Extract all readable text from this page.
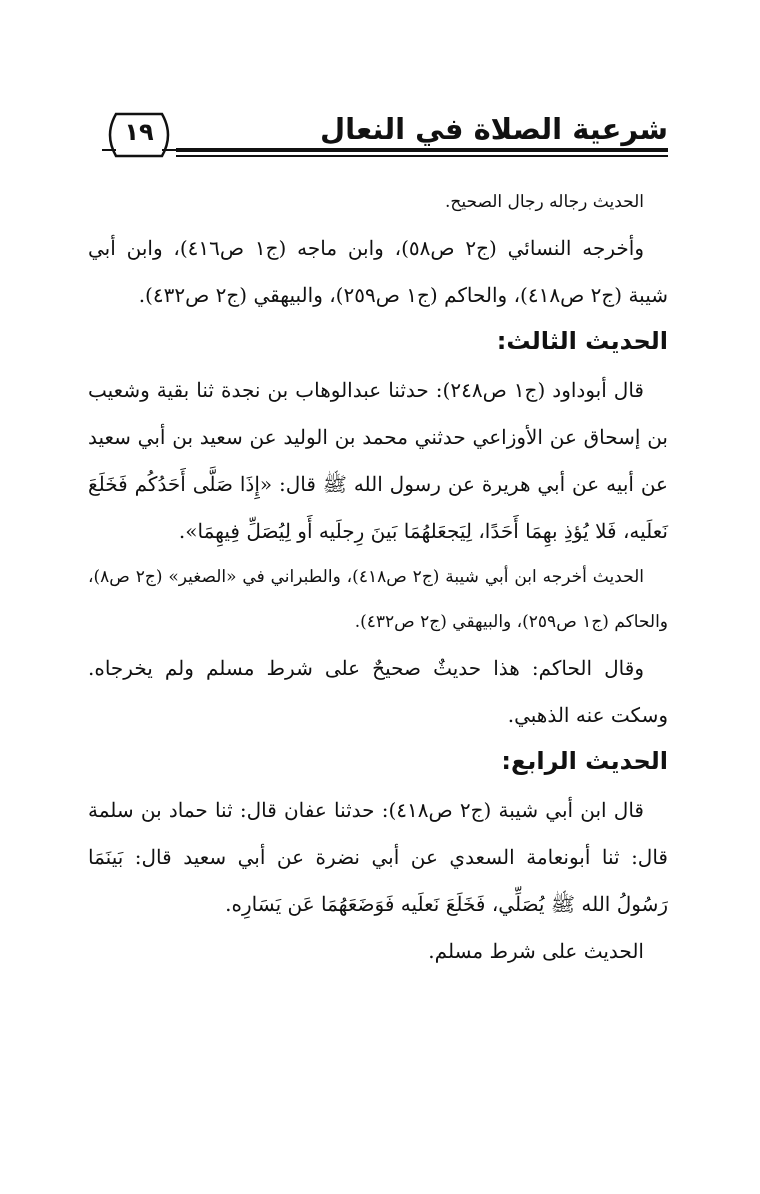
شرعية الصلاة في النعال
١٩

الحديث رجاله رجال الصحيح.

وأخرجه النسائي (ج٢ ص٥٨)، وابن ماجه (ج١ ص٤١٦)، وابن أبي شيبة (ج٢ ص٤١٨)، والحاكم (ج١ ص٢٥٩)، والبيهقي (ج٢ ص٤٣٢).

الحديث الثالث:

قال أبوداود (ج١ ص٢٤٨): حدثنا عبدالوهاب بن نجدة ثنا بقية وشعيب بن إسحاق عن الأوزاعي حدثني محمد بن الوليد عن سعيد بن أبي سعيد عن أبيه عن أبي هريرة عن رسول الله ﷺ قال: «إِذَا صَلَّى أَحَدُكُم فَخَلَعَ نَعلَيه، فَلا يُؤذِ بهِمَا أَحَدًا، لِيَجعَلهُمَا بَينَ رِجلَيه أَو لِيُصَلِّ فِيهِمَا».

الحديث أخرجه ابن أبي شيبة (ج٢ ص٤١٨)، والطبراني في «الصغير» (ج٢ ص٨)، والحاكم (ج١ ص٢٥٩)، والبيهقي (ج٢ ص٤٣٢).

وقال الحاكم: هذا حديثٌ صحيحٌ على شرط مسلم ولم يخرجاه. وسكت عنه الذهبي.

الحديث الرابع:

قال ابن أبي شيبة (ج٢ ص٤١٨): حدثنا عفان قال: ثنا حماد بن سلمة قال: ثنا أبونعامة السعدي عن أبي نضرة عن أبي سعيد قال: بَينَمَا رَسُولُ الله ﷺ يُصَلِّي، فَخَلَعَ نَعلَيه فَوَضَعَهُمَا عَن يَسَارِه.

الحديث على شرط مسلم.
